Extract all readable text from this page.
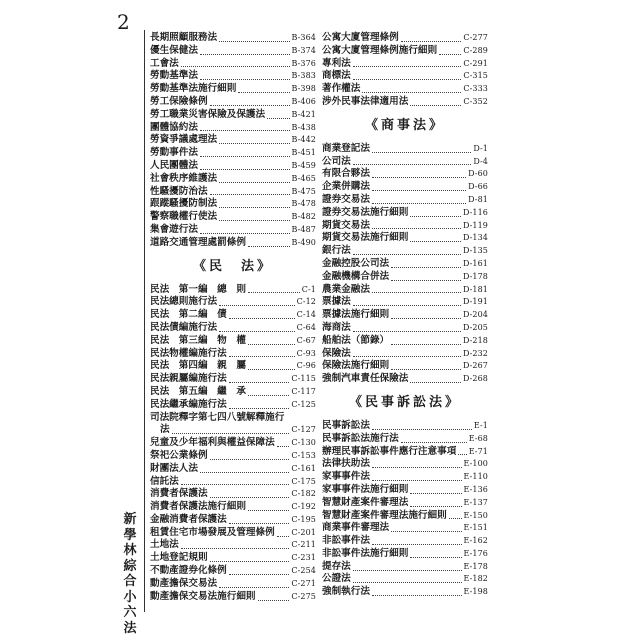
2
新學林綜合小六法
長期照顧服務法	B-364
優生保健法	B-374
工會法	B-376
勞動基準法	B-383
勞動基準法施行細則	B-398
勞工保險條例	B-406
勞工職業災害保險及保護法	B-421
團體協約法	B-438
勞資爭議處理法	B-442
勞動事件法	B-451
人民團體法	B-459
社會秩序維護法	B-465
性騷擾防治法	B-475
跟蹤騷擾防制法	B-478
警察職權行使法	B-482
集會遊行法	B-487
道路交通管理處罰條例	B-490
《民　法》
民法　第一編　總　則	C-1
民法總則施行法	C-12
民法　第二編　債	C-14
民法債編施行法	C-64
民法　第三編　物　權	C-67
民法物權編施行法	C-93
民法　第四編　親　屬	C-96
民法親屬編施行法	C-115
民法　第五編　繼　承	C-117
民法繼承編施行法	C-125
司法院釋字第七四八號解釋施行
法	C-127
兒童及少年福利與權益保障法 C-130
祭祀公業條例	C-153
財團法人法	C-161
信託法	C-175
消費者保護法	C-182
消費者保護法施行細則	C-192
金融消費者保護法	C-195
租賃住宅市場發展及管理條例 C-201
土地法	C-211
土地登記規則	C-231
不動產證券化條例	C-254
動產擔保交易法	C-271
動產擔保交易法施行細則	C-275
公寓大廈管理條例	C-277
公寓大廈管理條例施行細則	C-289
專利法	C-291
商標法	C-315
著作權法	C-333
涉外民事法律適用法	C-352
《商事法》
商業登記法	D-1
公司法	D-4
有限合夥法	D-60
企業併購法	D-66
證券交易法	D-81
證券交易法施行細則	D-116
期貨交易法	D-119
期貨交易法施行細則	D-134
銀行法	D-135
金融控股公司法	D-161
金融機構合併法	D-178
農業金融法	D-181
票據法	D-191
票據法施行細則	D-204
海商法	D-205
船舶法（節錄）	D-218
保險法	D-232
保險法施行細則	D-267
強制汽車責任保險法	D-268
《民事訴訟法》
民事訴訟法	E-1
民事訴訟法施行法	E-68
辦理民事訴訟事件應行注意事項 E-71
法律扶助法	E-100
家事事件法	E-110
家事事件法施行細則	E-136
智慧財產案件審理法	E-137
智慧財產案件審理法施行細則 E-150
商業事件審理法	E-151
非訟事件法	E-162
非訟事件法施行細則	E-176
提存法	E-178
公證法	E-182
強制執行法	E-198
